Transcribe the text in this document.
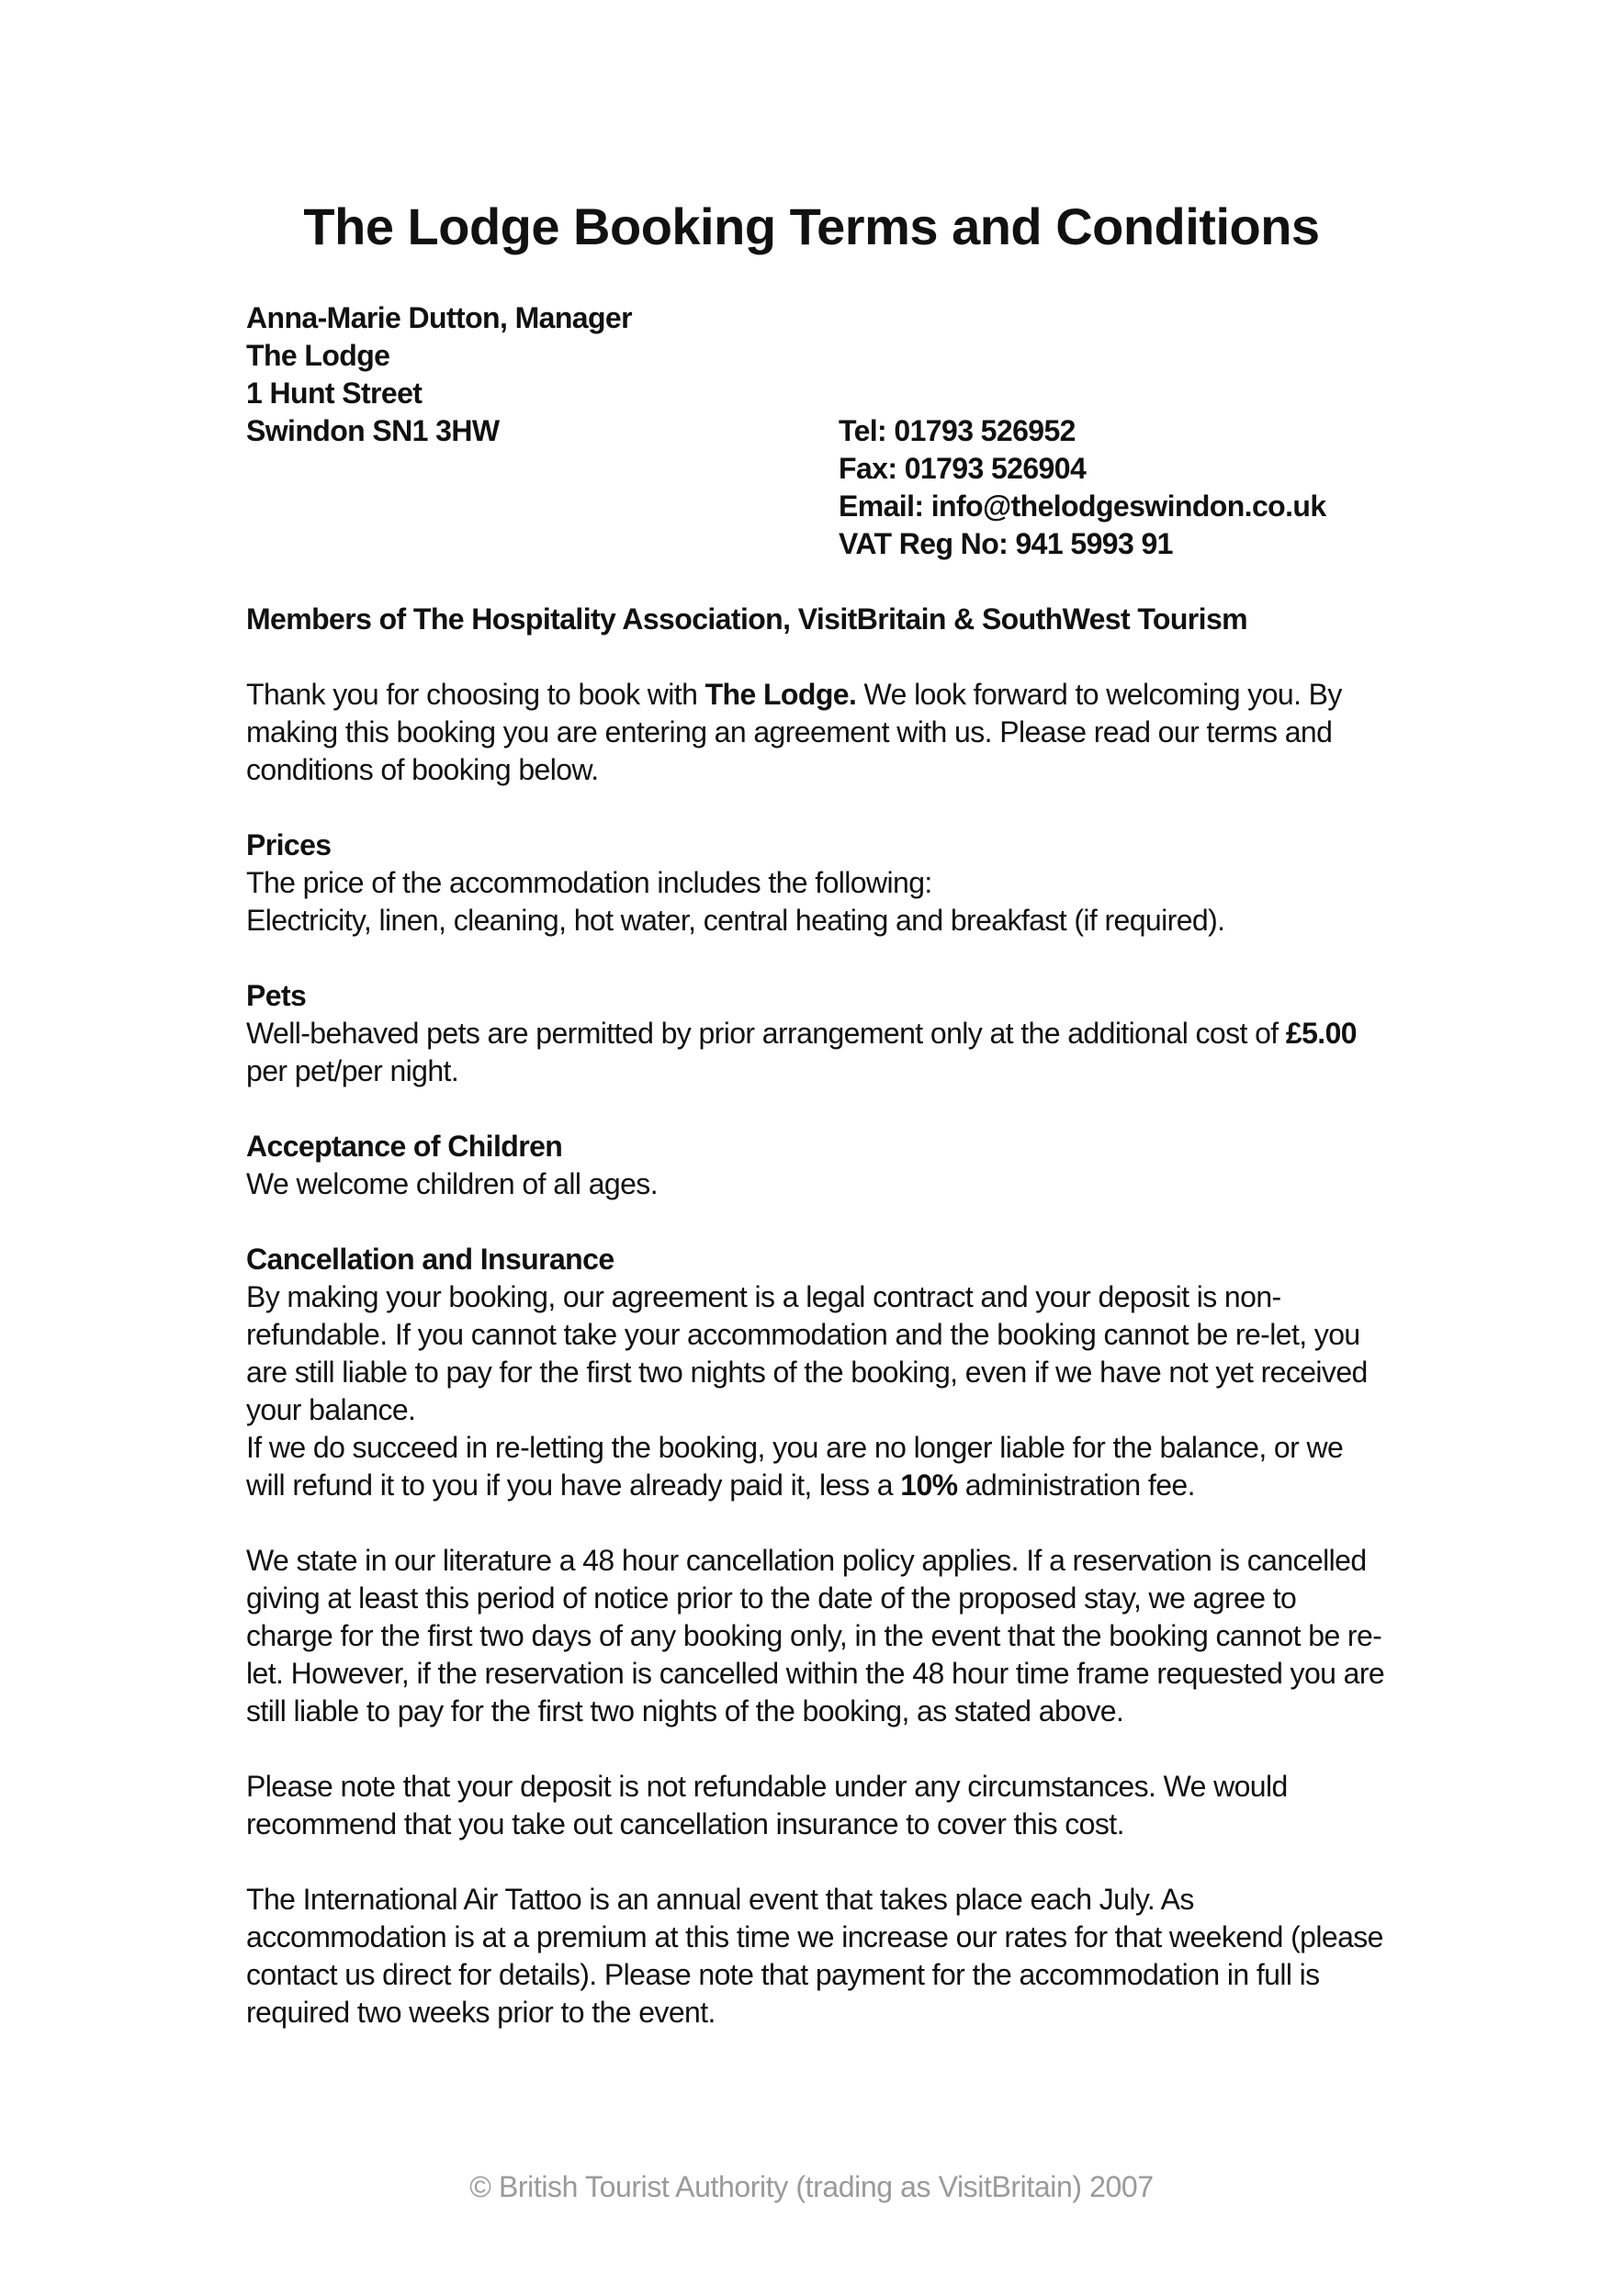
The Lodge Booking Terms and Conditions
Anna-Marie Dutton, Manager
The Lodge
1 Hunt Street
Swindon SN1 3HW	Tel: 01793 526952
Fax: 01793 526904
Email: info@thelodgeswindon.co.uk
VAT Reg No: 941 5993 91
Members of The Hospitality Association, VisitBritain & SouthWest Tourism

Thank you for choosing to book with The Lodge. We look forward to welcoming you. By making this booking you are entering an agreement with us. Please read our terms and conditions of booking below.

Prices

The price of the accommodation includes the following:

Electricity, linen, cleaning, hot water, central heating and breakfast (if required).

Pets

Well-behaved pets are permitted by prior arrangement only at the additional cost of £5.00 per pet/per night.

Acceptance of Children

We welcome children of all ages.

Cancellation and Insurance

By making your booking, our agreement is a legal contract and your deposit is non-refundable. If you cannot take your accommodation and the booking cannot be re-let, you are still liable to pay for the first two nights of the booking, even if we have not yet received your balance.

If we do succeed in re-letting the booking, you are no longer liable for the balance, or we will refund it to you if you have already paid it, less a 10% administration fee.

We state in our literature a 48 hour cancellation policy applies. If a reservation is cancelled giving at least this period of notice prior to the date of the proposed stay, we agree to charge for the first two days of any booking only, in the event that the booking cannot be re-let. However, if the reservation is cancelled within the 48 hour time frame requested you are still liable to pay for the first two nights of the booking, as stated above.

Please note that your deposit is not refundable under any circumstances. We would recommend that you take out cancellation insurance to cover this cost.

The International Air Tattoo is an annual event that takes place each July. As accommodation is at a premium at this time we increase our rates for that weekend (please contact us direct for details). Please note that payment for the accommodation in full is required two weeks prior to the event.

© British Tourist Authority (trading as VisitBritain) 2007
